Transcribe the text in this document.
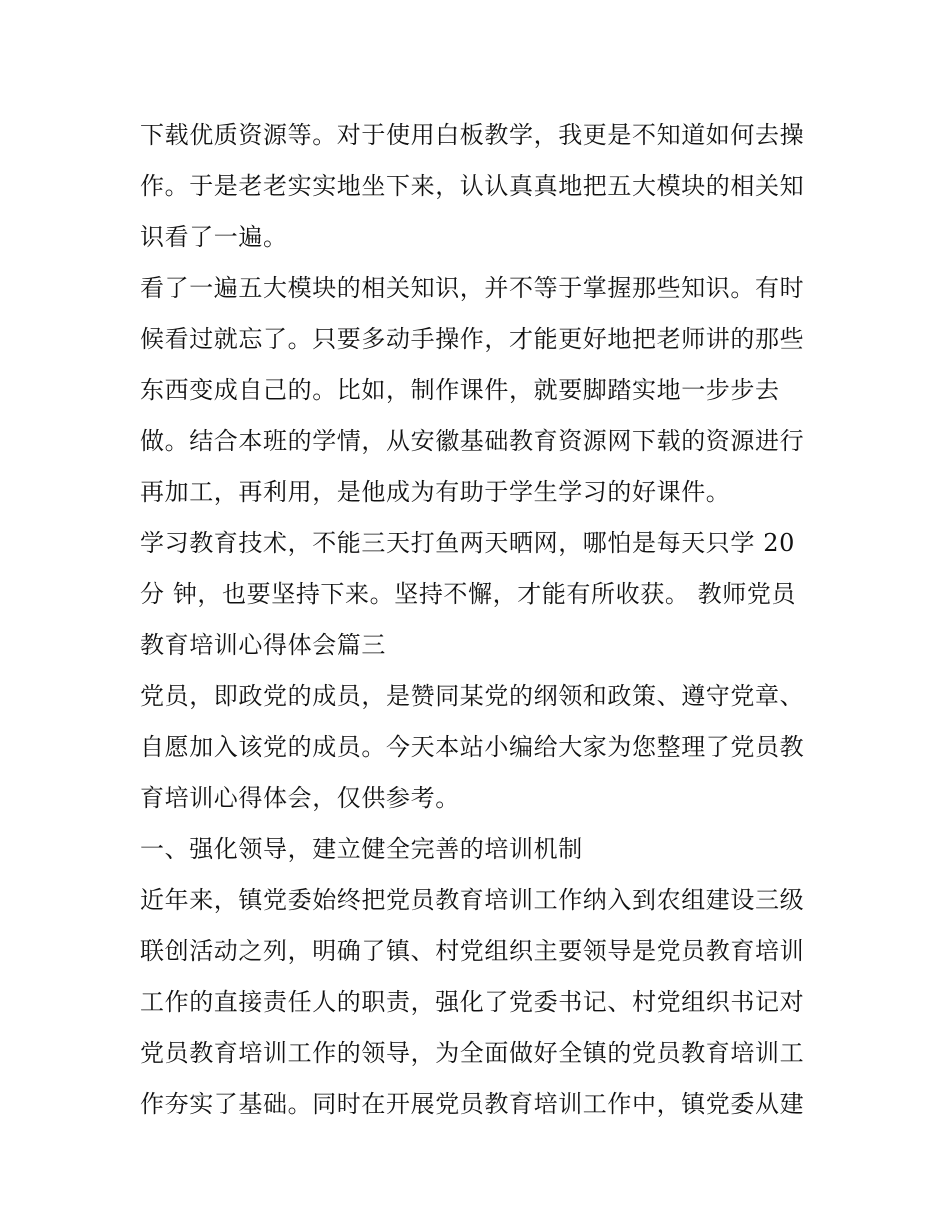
下载优质资源等。对于使用白板教学，我更是不知道如何去操
作。于是老老实实地坐下来，认认真真地把五大模块的相关知
识看了一遍。
看了一遍五大模块的相关知识，并不等于掌握那些知识。有时
候看过就忘了。只要多动手操作，才能更好地把老师讲的那些
东西变成自己的。比如，制作课件，就要脚踏实地一步步去
做。结合本班的学情，从安徽基础教育资源网下载的资源进行
再加工，再利用，是他成为有助于学生学习的好课件。
学习教育技术，不能三天打鱼两天晒网，哪怕是每天只学 20
分 钟，也要坚持下来。坚持不懈，才能有所收获。 教师党员
教育培训心得体会篇三
党员，即政党的成员，是赞同某党的纲领和政策、遵守党章、
自愿加入该党的成员。今天本站小编给大家为您整理了党员教
育培训心得体会，仅供参考。
一、强化领导，建立健全完善的培训机制
近年来，镇党委始终把党员教育培训工作纳入到农组建设三级
联创活动之列，明确了镇、村党组织主要领导是党员教育培训
工作的直接责任人的职责，强化了党委书记、村党组织书记对
党员教育培训工作的领导，为全面做好全镇的党员教育培训工
作夯实了基础。同时在开展党员教育培训工作中，镇党委从建
